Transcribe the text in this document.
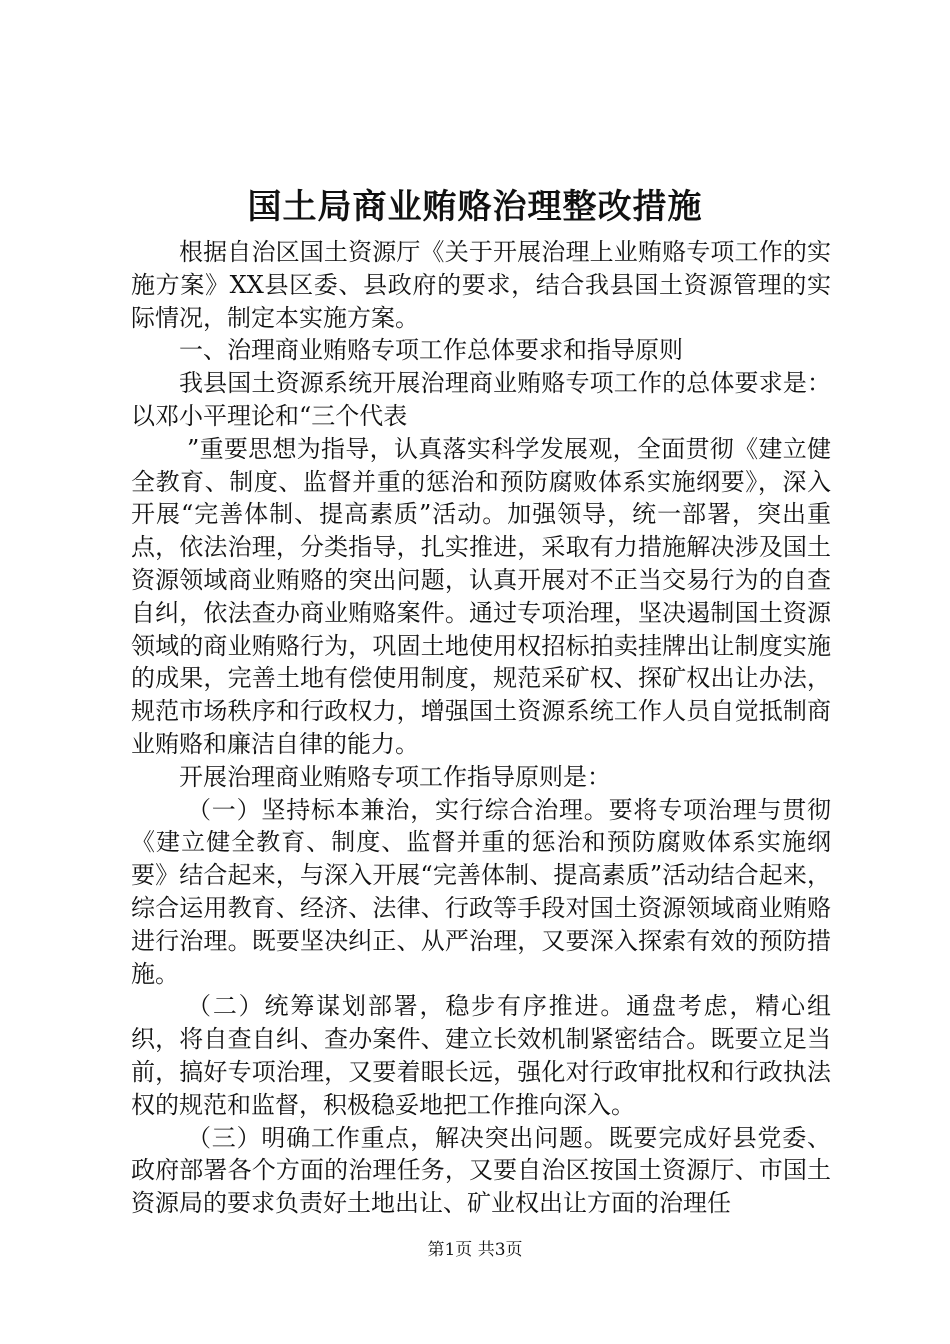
国土局商业贿赂治理整改措施

根据自治区国土资源厅《关于开展治理上业贿赂专项工作的实施方案》XX县区委、县政府的要求，结合我县国土资源管理的实际情况，制定本实施方案。

一、治理商业贿赂专项工作总体要求和指导原则

我县国土资源系统开展治理商业贿赂专项工作的总体要求是：以邓小平理论和“三个代表

”重要思想为指导，认真落实科学发展观，全面贯彻《建立健全教育、制度、监督并重的惩治和预防腐败体系实施纲要》，深入开展“完善体制、提高素质”活动。加强领导，统一部署，突出重点，依法治理，分类指导，扎实推进，采取有力措施解决涉及国土资源领域商业贿赂的突出问题，认真开展对不正当交易行为的自查自纠，依法查办商业贿赂案件。通过专项治理，坚决遏制国土资源领域的商业贿赂行为，巩固土地使用权招标拍卖挂牌出让制度实施的成果，完善土地有偿使用制度，规范采矿权、探矿权出让办法，规范市场秩序和行政权力，增强国土资源系统工作人员自觉抵制商业贿赂和廉洁自律的能力。

开展治理商业贿赂专项工作指导原则是：

（一）坚持标本兼治，实行综合治理。要将专项治理与贯彻《建立健全教育、制度、监督并重的惩治和预防腐败体系实施纲要》结合起来，与深入开展“完善体制、提高素质”活动结合起来，综合运用教育、经济、法律、行政等手段对国土资源领域商业贿赂进行治理。既要坚决纠正、从严治理，又要深入探索有效的预防措施。

（二）统筹谋划部署，稳步有序推进。通盘考虑，精心组织，将自查自纠、查办案件、建立长效机制紧密结合。既要立足当前，搞好专项治理，又要着眼长远，强化对行政审批权和行政执法权的规范和监督，积极稳妥地把工作推向深入。

（三）明确工作重点，解决突出问题。既要完成好县党委、政府部署各个方面的治理任务，又要自治区按国土资源厅、市国土资源局的要求负责好土地出让、矿业权出让方面的治理任

第1页 共3页
